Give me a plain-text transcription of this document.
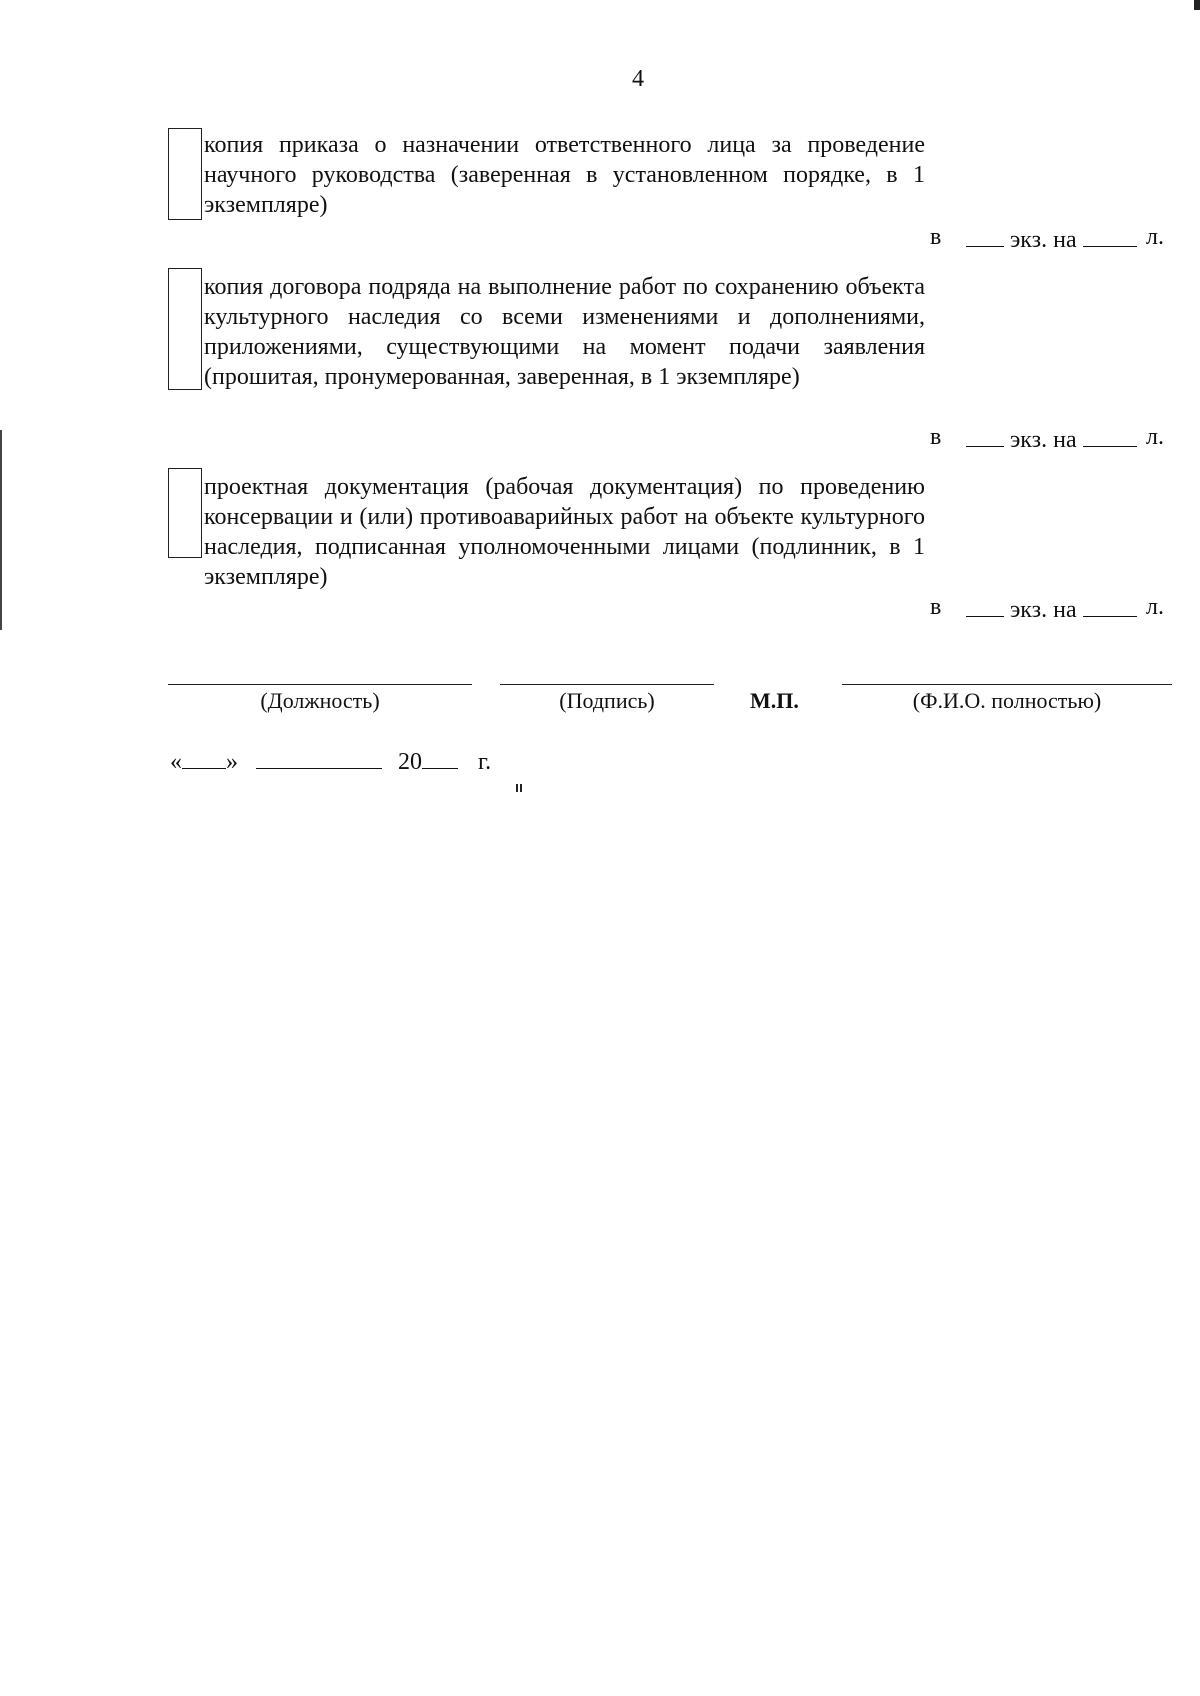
4
копия приказа о назначении ответственного лица за проведение научного руководства (заверенная в установленном порядке, в 1 экземпляре)
в	экз. на	л.
копия договора подряда на выполнение работ по сохранению объекта культурного наследия со всеми изменениями и дополнениями, приложениями, существующими на момент подачи заявления (прошитая, пронумерованная, заверенная, в 1 экземпляре)
в	экз. на	л.
проектная документация (рабочая документация) по проведению консервации и (или) противоаварийных работ на объекте культурного наследия, подписанная уполномоченными лицами (подлинник, в 1 экземпляре)
в	экз. на	л.
(Должность)	(Подпись)	М.П.	(Ф.И.О. полностью)
« »	20 г.
